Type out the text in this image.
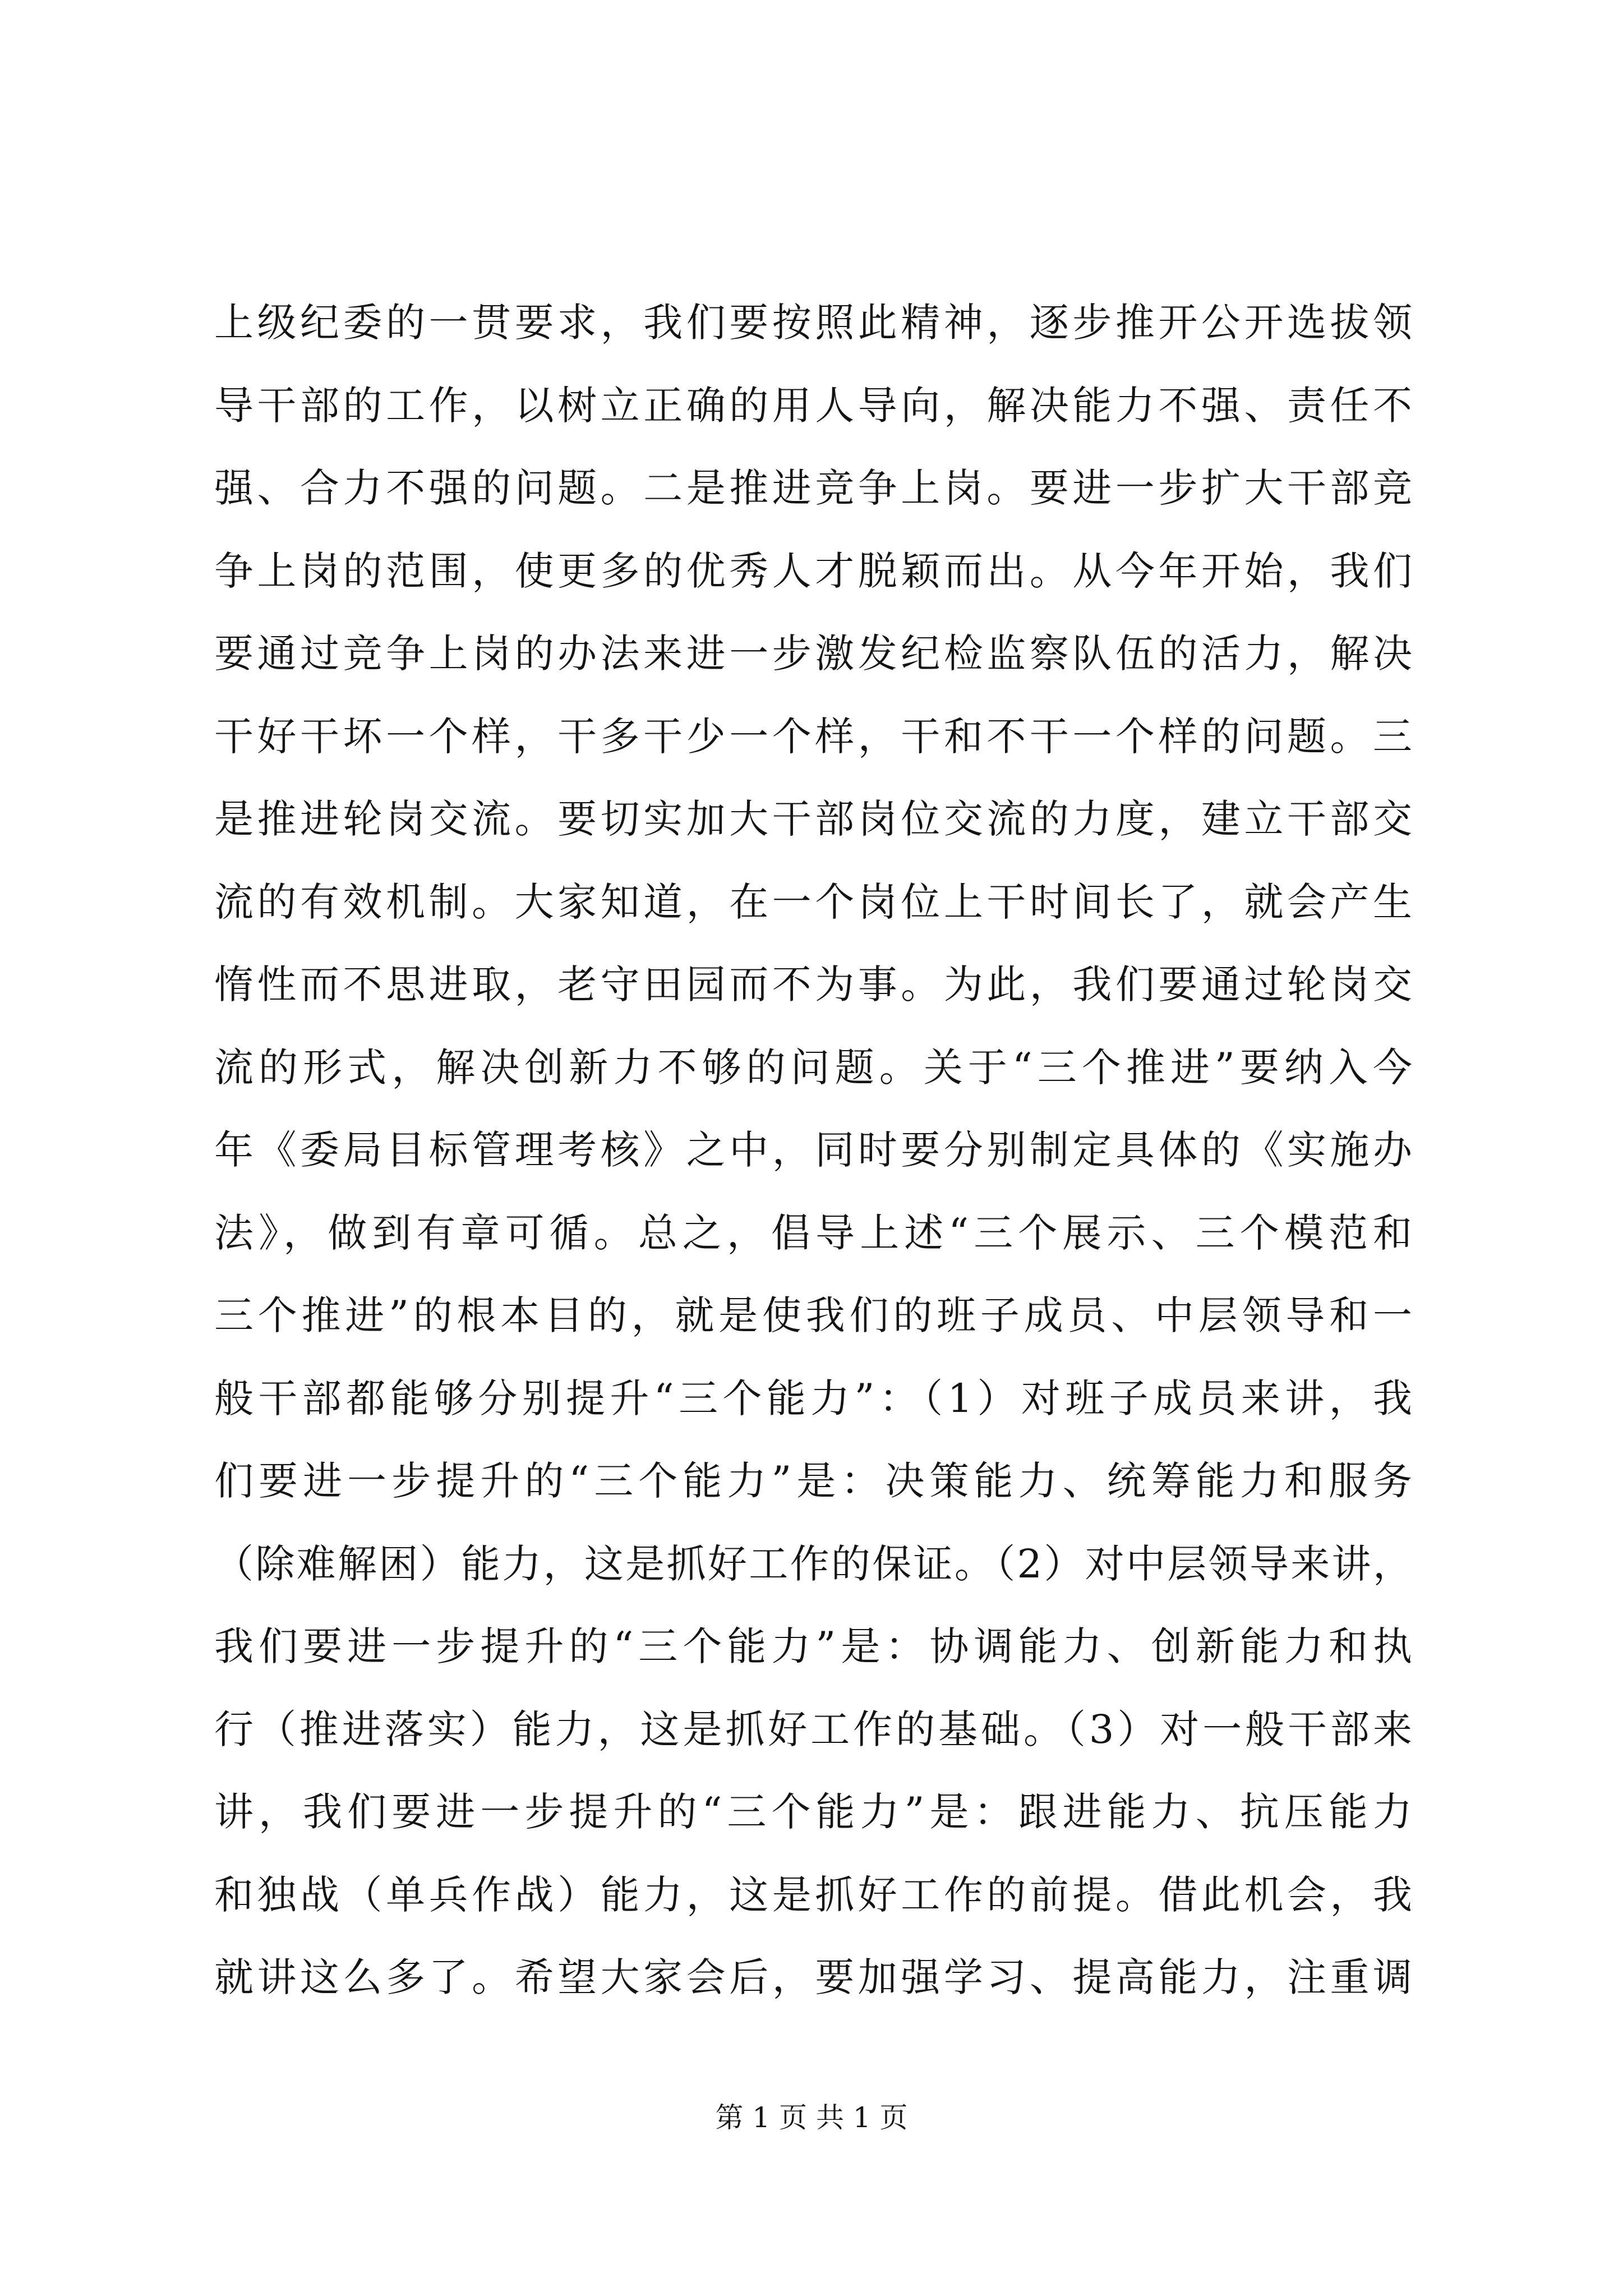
上级纪委的一贯要求，我们要按照此精神，逐步推开公开选拔领
导干部的工作，以树立正确的用人导向，解决能力不强、责任不
强、合力不强的问题。二是推进竞争上岗。要进一步扩大干部竞
争上岗的范围，使更多的优秀人才脱颖而出。从今年开始，我们
要通过竞争上岗的办法来进一步激发纪检监察队伍的活力，解决
干好干坏一个样，干多干少一个样，干和不干一个样的问题。三
是推进轮岗交流。要切实加大干部岗位交流的力度，建立干部交
流的有效机制。大家知道，在一个岗位上干时间长了，就会产生
惰性而不思进取，老守田园而不为事。为此，我们要通过轮岗交
流的形式，解决创新力不够的问题。关于“三个推进”要纳入今
年《委局目标管理考核》之中，同时要分别制定具体的《实施办
法》，做到有章可循。总之，倡导上述“三个展示、三个模范和
三个推进”的根本目的，就是使我们的班子成员、中层领导和一
般干部都能够分别提升“三个能力”：（1）对班子成员来讲，我
们要进一步提升的“三个能力”是：决策能力、统筹能力和服务
（除难解困）能力，这是抓好工作的保证。（2）对中层领导来讲，
我们要进一步提升的“三个能力”是：协调能力、创新能力和执
行（推进落实）能力，这是抓好工作的基础。（3）对一般干部来
讲，我们要进一步提升的“三个能力”是：跟进能力、抗压能力
和独战（单兵作战）能力，这是抓好工作的前提。借此机会，我
就讲这么多了。希望大家会后，要加强学习、提高能力，注重调
第 1 页 共 1 页
